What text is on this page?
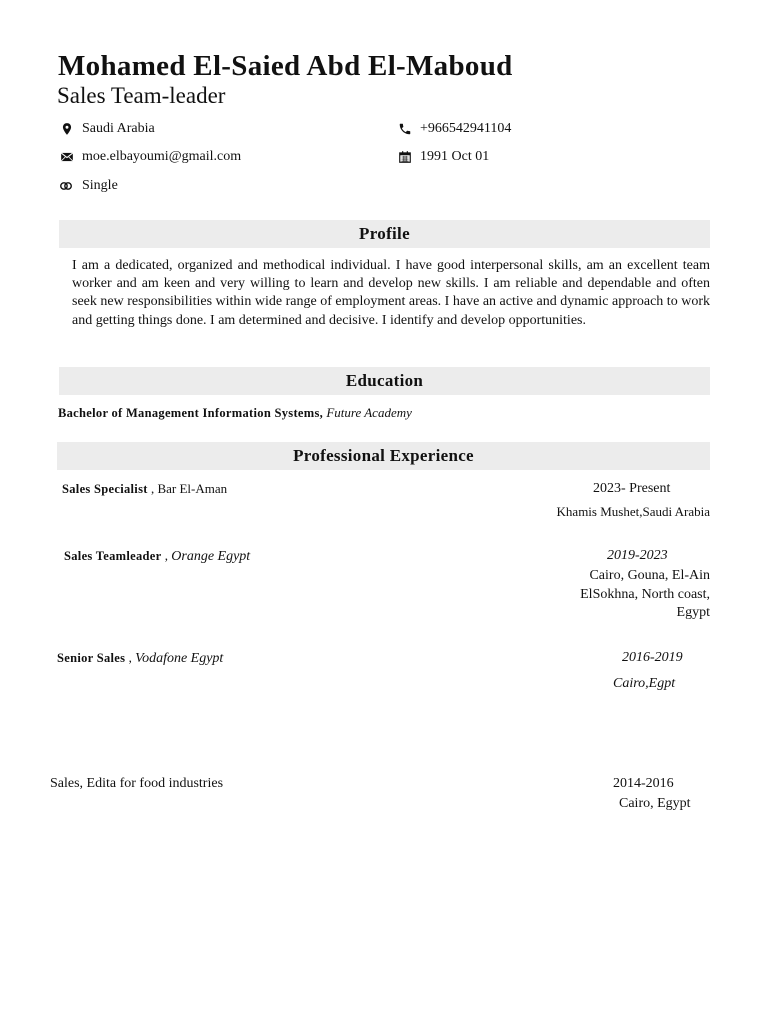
Mohamed El-Saied Abd El-Maboud
Sales Team-leader
Saudi Arabia	+966542941104
moe.elbayoumi@gmail.com	1991 Oct 01
Single
Profile
I am a dedicated, organized and methodical individual. I have good interpersonal skills, am an excellent team worker and am keen and very willing to learn and develop new skills. I am reliable and dependable and often seek new responsibilities within wide range of employment areas. I have an active and dynamic approach to work and getting things done. I am determined and decisive. I identify and develop opportunities.
Education
Bachelor of Management Information Systems, Future Academy
Professional Experience
Sales Specialist , Bar El-Aman	2023- Present
Khamis Mushet,Saudi Arabia
Sales Teamleader , Orange Egypt	2019-2023
Cairo, Gouna, El-Ain
ElSokhna, North coast,
Egypt
Senior Sales , Vodafone Egypt	2016-2019
Cairo,Egpt
Sales, Edita for food industries	2014-2016
Cairo, Egypt
